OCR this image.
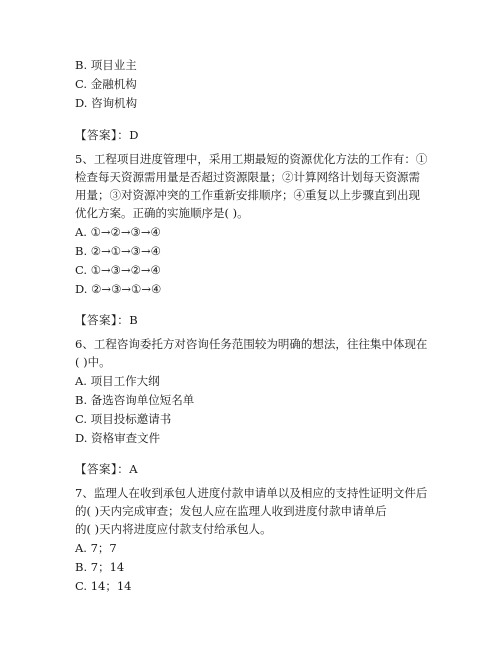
B. 项目业主
C. 金融机构
D. 咨询机构
【答案】：D
5、工程项目进度管理中，采用工期最短的资源优化方法的工作有：①
检查每天资源需用量是否超过资源限量；②计算网络计划每天资源需
用量；③对资源冲突的工作重新安排顺序；④重复以上步骤直到出现
优化方案。正确的实施顺序是( )。
A. ①→②→③→④
B. ②→①→③→④
C. ①→③→②→④
D. ②→③→①→④
【答案】：B
6、工程咨询委托方对咨询任务范围较为明确的想法，往往集中体现在
( )中。
A. 项目工作大纲
B. 备选咨询单位短名单
C. 项目投标邀请书
D. 资格审查文件
【答案】：A
7、监理人在收到承包人进度付款申请单以及相应的支持性证明文件后
的( )天内完成审查；发包人应在监理人收到进度付款申请单后
的( )天内将进度应付款支付给承包人。
A. 7；7
B. 7；14
C. 14；14
